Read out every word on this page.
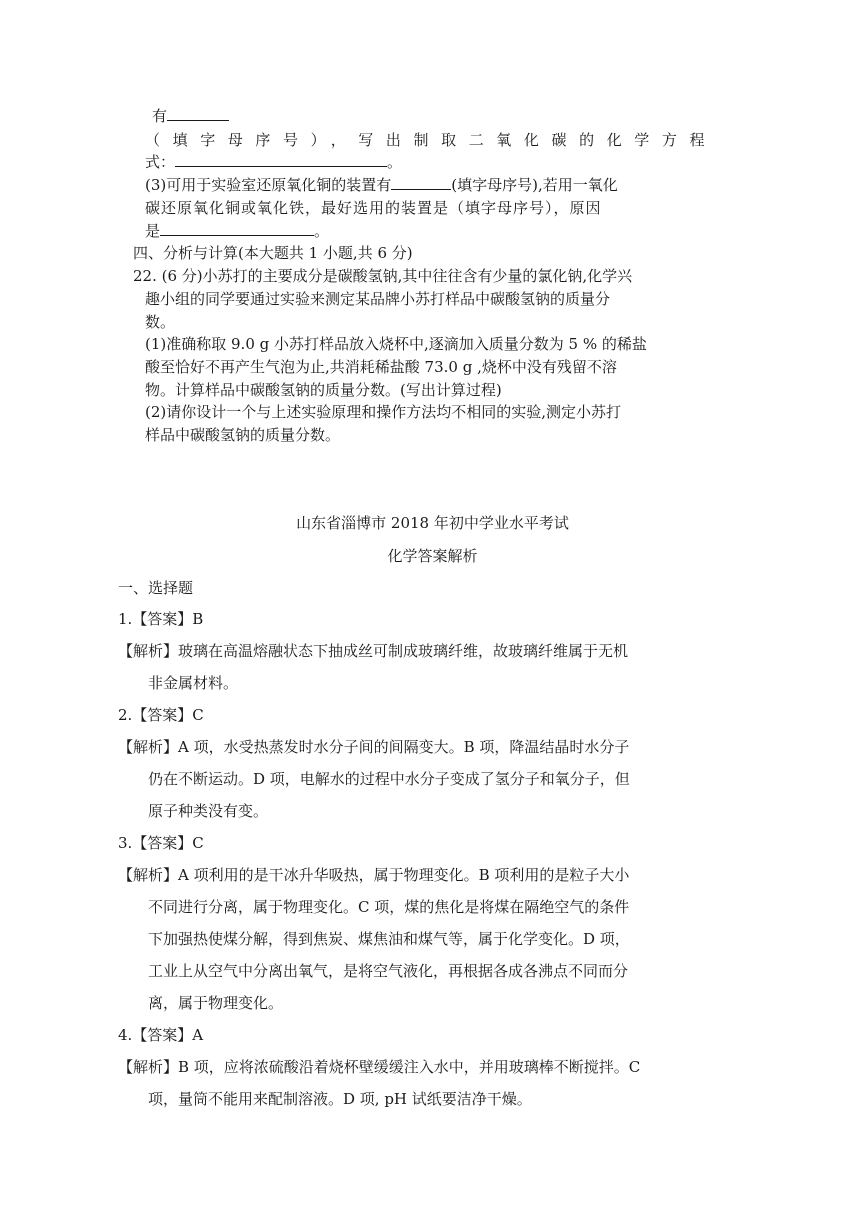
有
（填字母序号），写出制取二氧化碳的化学方程
式：	。
(3)可用于实验室还原氧化铜的装置有	(填字母序号),若用一氧化
碳还原氧化铜或氧化铁，最好选用的装置是（填字母序号），原因
是	。
四、分析与计算(本大题共 1 小题,共 6 分)
22. (6 分)小苏打的主要成分是碳酸氢钠,其中往往含有少量的氯化钠,化学兴
趣小组的同学要通过实验来测定某品牌小苏打样品中碳酸氢钠的质量分
数。
(1)准确称取 9.0 g 小苏打样品放入烧杯中,逐滴加入质量分数为 5 % 的稀盐
酸至恰好不再产生气泡为止,共消耗稀盐酸 73.0 g ,烧杯中没有残留不溶
物。计算样品中碳酸氢钠的质量分数。(写出计算过程)
(2)请你设计一个与上述实验原理和操作方法均不相同的实验,测定小苏打
样品中碳酸氢钠的质量分数。
山东省淄博市 2018 年初中学业水平考试
化学答案解析
一、选择题
1.【答案】B
【解析】玻璃在高温熔融状态下抽成丝可制成玻璃纤维，故玻璃纤维属于无机
非金属材料。
2.【答案】C
【解析】A 项，水受热蒸发时水分子间的间隔变大。B 项，降温结晶时水分子
仍在不断运动。D 项，电解水的过程中水分子变成了氢分子和氧分子，但
原子种类没有变。
3.【答案】C
【解析】A 项利用的是干冰升华吸热，属于物理变化。B 项利用的是粒子大小
不同进行分离，属于物理变化。C 项，煤的焦化是将煤在隔绝空气的条件
下加强热使煤分解，得到焦炭、煤焦油和煤气等，属于化学变化。D 项，
工业上从空气中分离出氧气，是将空气液化，再根据各成各沸点不同而分
离，属于物理变化。
4.【答案】A
【解析】B 项，应将浓硫酸沿着烧杯壁缓缓注入水中，并用玻璃棒不断搅拌。C
项，量筒不能用来配制溶液。D 项, pH 试纸要洁净干燥。
